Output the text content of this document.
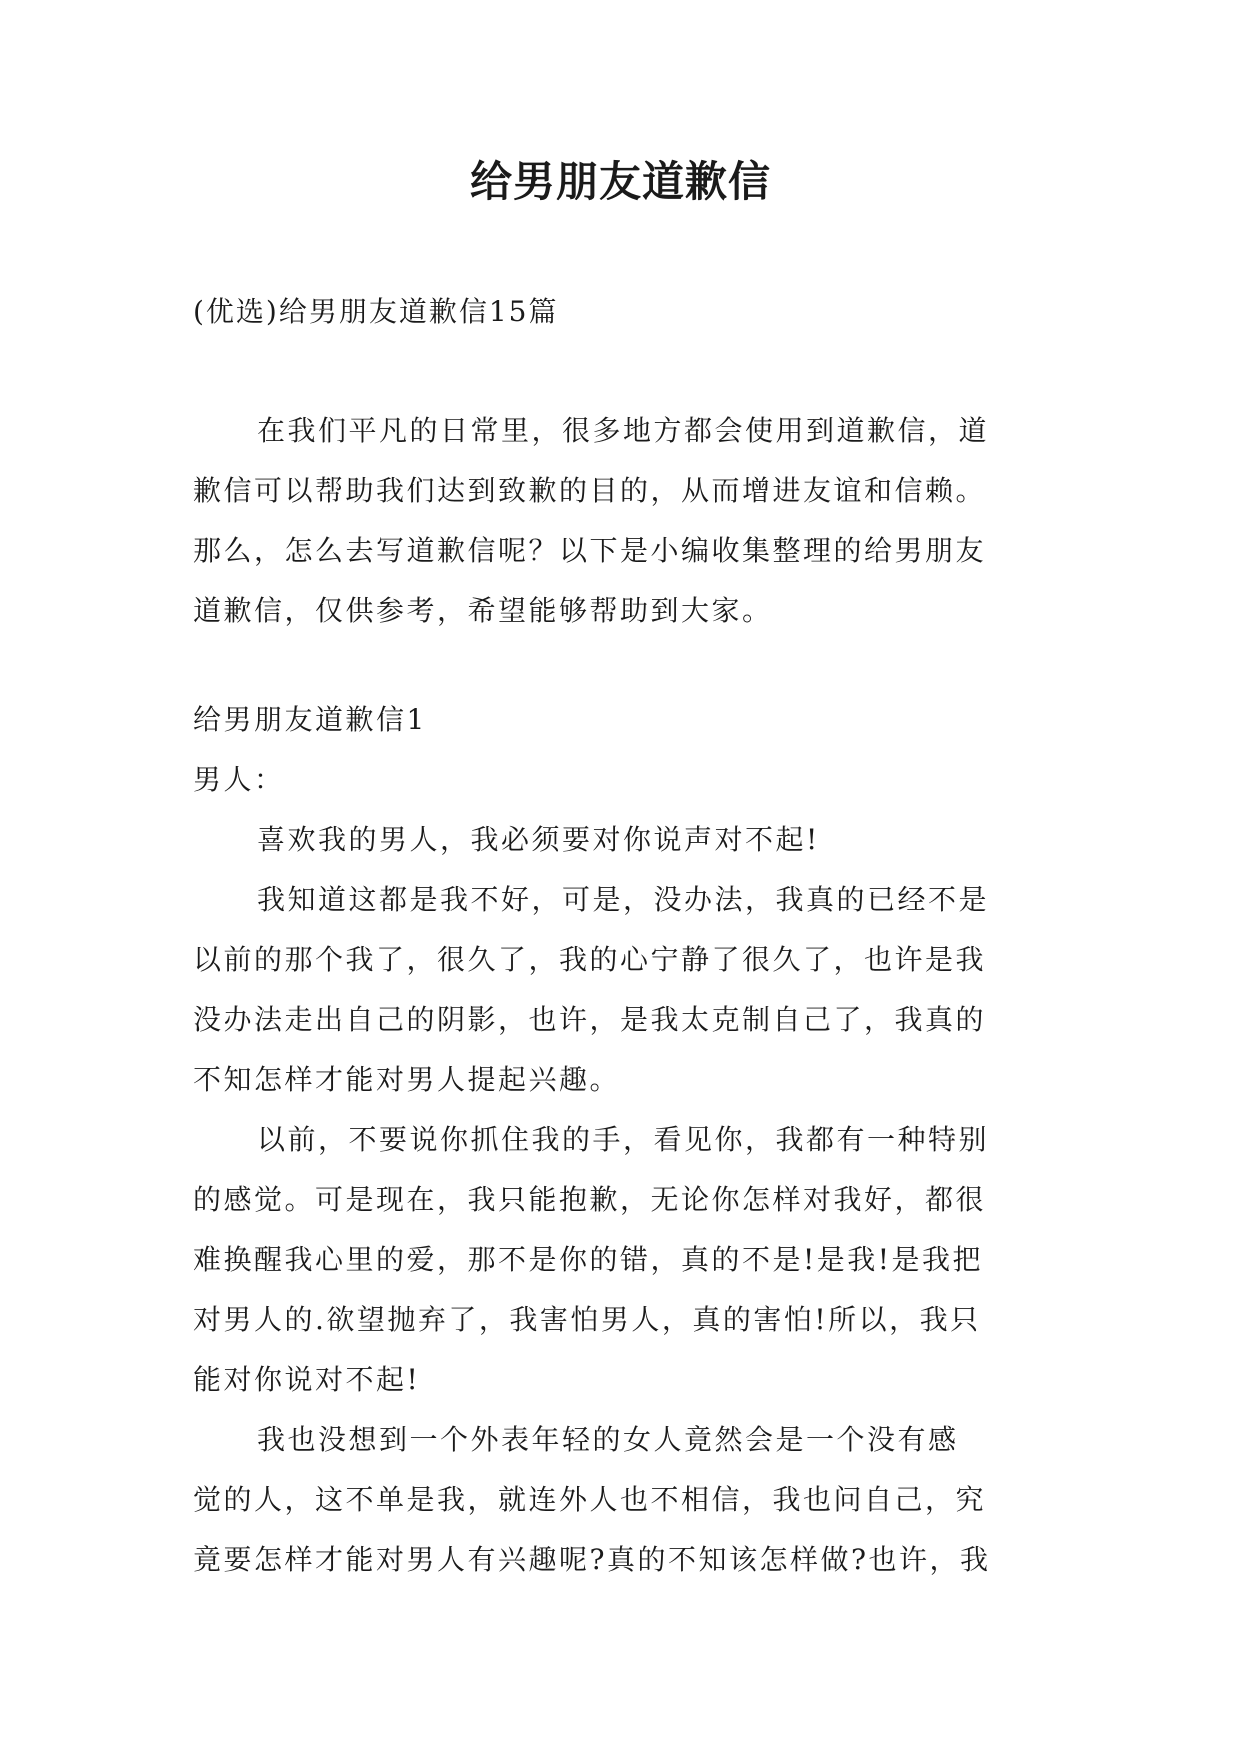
给男朋友道歉信
(优选)给男朋友道歉信15篇
在我们平凡的日常里，很多地方都会使用到道歉信，道
歉信可以帮助我们达到致歉的目的，从而增进友谊和信赖。
那么，怎么去写道歉信呢？以下是小编收集整理的给男朋友
道歉信，仅供参考，希望能够帮助到大家。
给男朋友道歉信1
男人：
喜欢我的男人，我必须要对你说声对不起!
我知道这都是我不好，可是，没办法，我真的已经不是
以前的那个我了，很久了，我的心宁静了很久了，也许是我
没办法走出自己的阴影，也许，是我太克制自己了，我真的
不知怎样才能对男人提起兴趣。
以前，不要说你抓住我的手，看见你，我都有一种特别
的感觉。可是现在，我只能抱歉，无论你怎样对我好，都很
难换醒我心里的爱，那不是你的错，真的不是!是我!是我把
对男人的.欲望抛弃了，我害怕男人，真的害怕!所以，我只
能对你说对不起!
我也没想到一个外表年轻的女人竟然会是一个没有感
觉的人，这不单是我，就连外人也不相信，我也问自己，究
竟要怎样才能对男人有兴趣呢?真的不知该怎样做?也许，我
